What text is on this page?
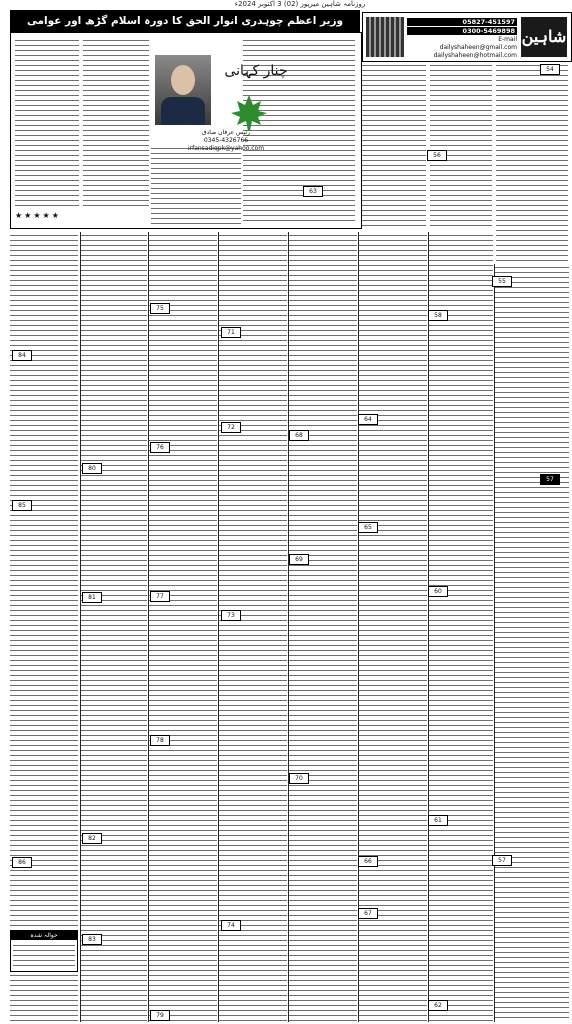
روزنامہ شاہین میرپور (02) 3 اکتوبر 2024ء
شاہین
05827-451597
0300-5469898
E-mail
dailyshaheen@gmail.com
dailyshaheen@hotmail.com
وزیر اعظم چوہدری انوار الحق کا دورہ اسلام گڑھ اور عوامی توقعات
چنار کہانی
رئیس عرفان صادق
0345-4326766
irfansadiqpk@yahoo.com
★★★★★
حوالہ شدہ
54
56
63
55
58
75
71
84
72
68
64
76
80
57
85
65
69
81
60
73
77
78
70
61
82
66	57
86
67
83
74
79
62
